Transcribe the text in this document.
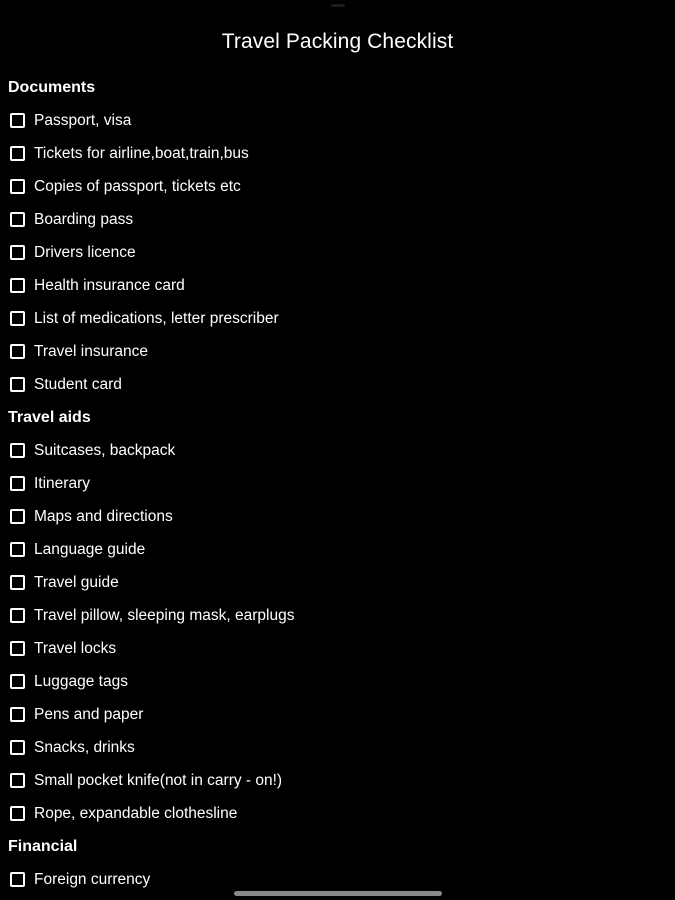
Travel Packing Checklist
Documents
Passport, visa
Tickets for airline,boat,train,bus
Copies of passport, tickets etc
Boarding pass
Drivers licence
Health insurance card
List of medications, letter prescriber
Travel insurance
Student card
Travel aids
Suitcases, backpack
Itinerary
Maps and directions
Language guide
Travel guide
Travel pillow, sleeping mask, earplugs
Travel locks
Luggage tags
Pens and paper
Snacks, drinks
Small pocket knife(not in carry - on!)
Rope, expandable clothesline
Financial
Foreign currency
